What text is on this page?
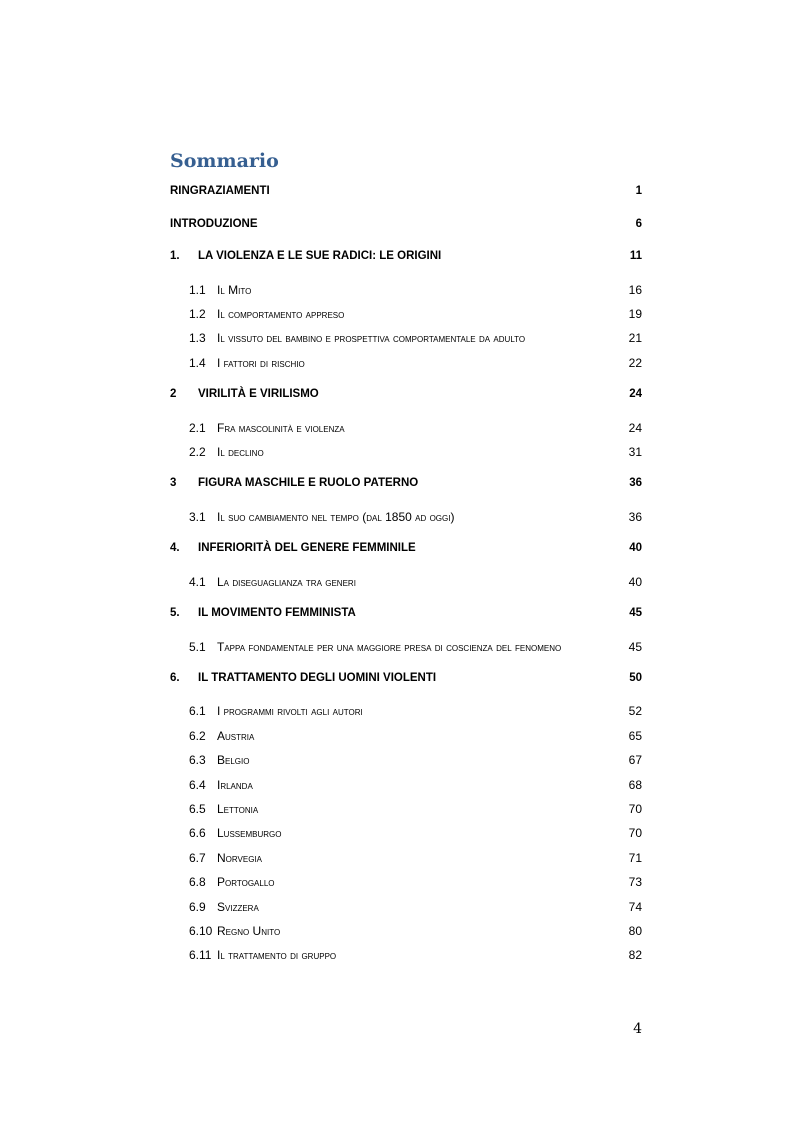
Sommario
RINGRAZIAMENTI	1
INTRODUZIONE	6
1.	LA VIOLENZA E LE SUE RADICI: LE ORIGINI	11
1.1 Il Mito	16
1.2 Il comportamento appreso	19
1.3 Il vissuto del bambino e prospettiva comportamentale da adulto	21
1.4 I fattori di rischio	22
2	VIRILITÀ E VIRILISMO	24
2.1 Fra mascolinità e violenza	24
2.2 Il declino	31
3	FIGURA MASCHILE E RUOLO PATERNO	36
3.1 Il suo cambiamento nel tempo (dal 1850 ad oggi)	36
4.	INFERIORITÀ DEL GENERE FEMMINILE	40
4.1 La diseguaglianza tra generi	40
5.	IL MOVIMENTO FEMMINISTA	45
5.1 Tappa fondamentale per una maggiore presa di coscienza del fenomeno	45
6.	IL TRATTAMENTO DEGLI UOMINI VIOLENTI	50
6.1 I programmi rivolti agli autori	52
6.2 Austria	65
6.3 Belgio	67
6.4 Irlanda	68
6.5 Lettonia	70
6.6 Lussemburgo	70
6.7 Norvegia	71
6.8 Portogallo	73
6.9 Svizzera	74
6.10 Regno Unito	80
6.11 Il trattamento di gruppo	82
4
